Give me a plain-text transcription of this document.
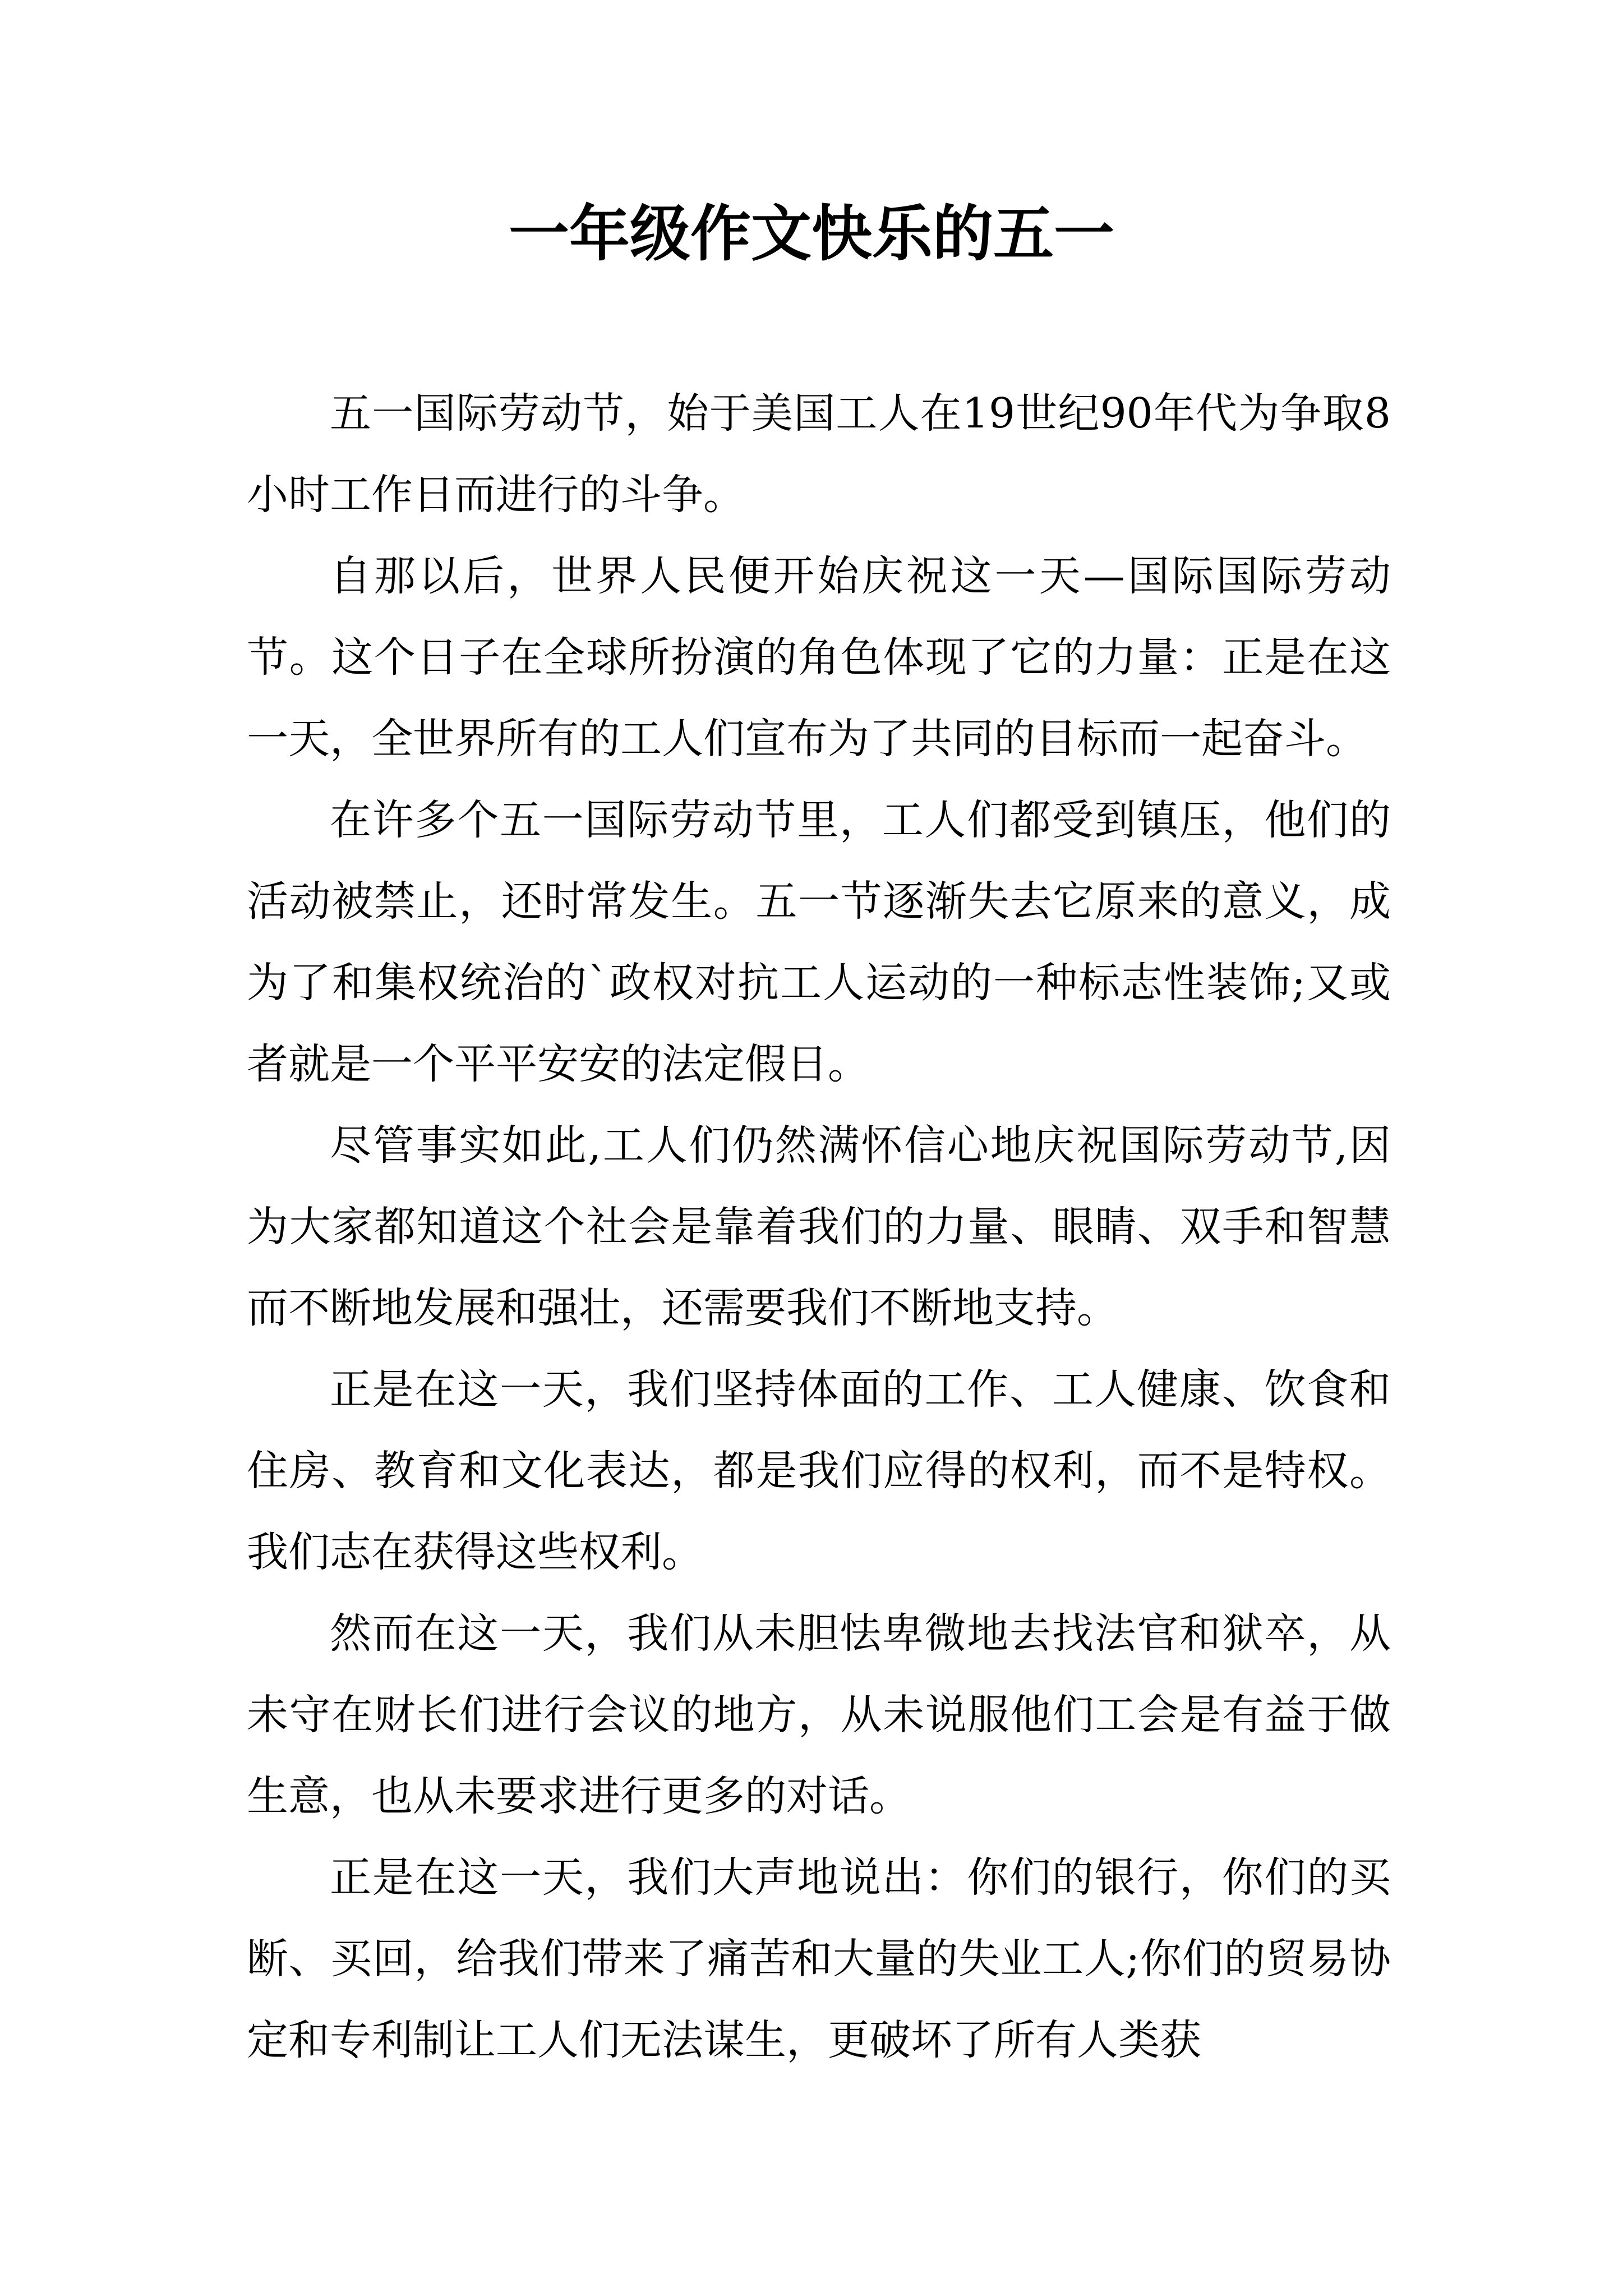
一年级作文快乐的五一

五一国际劳动节，始于美国工人在19世纪90年代为争取8小时工作日而进行的斗争。

自那以后，世界人民便开始庆祝这一天—国际国际劳动节。这个日子在全球所扮演的角色体现了它的力量：正是在这一天，全世界所有的工人们宣布为了共同的目标而一起奋斗。

在许多个五一国际劳动节里，工人们都受到镇压，他们的活动被禁止，还时常发生。五一节逐渐失去它原来的意义，成为了和集权统治的`政权对抗工人运动的一种标志性装饰;又或者就是一个平平安安的法定假日。

尽管事实如此,工人们仍然满怀信心地庆祝国际劳动节,因为大家都知道这个社会是靠着我们的力量、眼睛、双手和智慧而不断地发展和强壮，还需要我们不断地支持。

正是在这一天，我们坚持体面的工作、工人健康、饮食和住房、教育和文化表达，都是我们应得的权利，而不是特权。我们志在获得这些权利。

然而在这一天，我们从未胆怯卑微地去找法官和狱卒，从未守在财长们进行会议的地方，从未说服他们工会是有益于做生意，也从未要求进行更多的对话。

正是在这一天，我们大声地说出：你们的银行，你们的买断、买回，给我们带来了痛苦和大量的失业工人;你们的贸易协定和专利制让工人们无法谋生，更破坏了所有人类获
